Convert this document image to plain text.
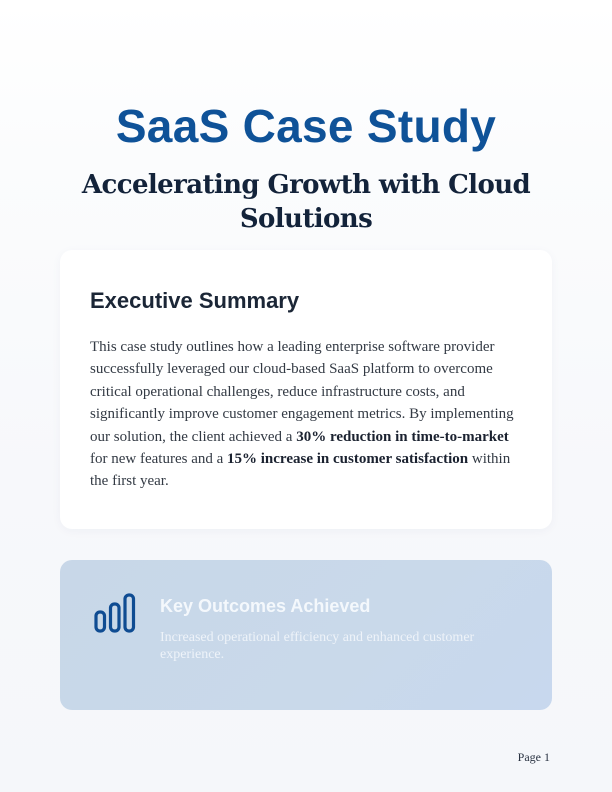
SaaS Case Study
Accelerating Growth with Cloud Solutions
Executive Summary

This case study outlines how a leading enterprise software provider successfully leveraged our cloud-based SaaS platform to overcome critical operational challenges, reduce infrastructure costs, and significantly improve customer engagement metrics. By implementing our solution, the client achieved a 30% reduction in time-to-market for new features and a 15% increase in customer satisfaction within the first year.

Key Outcomes Achieved

Increased operational efficiency and enhanced customer experience.

Page 1
